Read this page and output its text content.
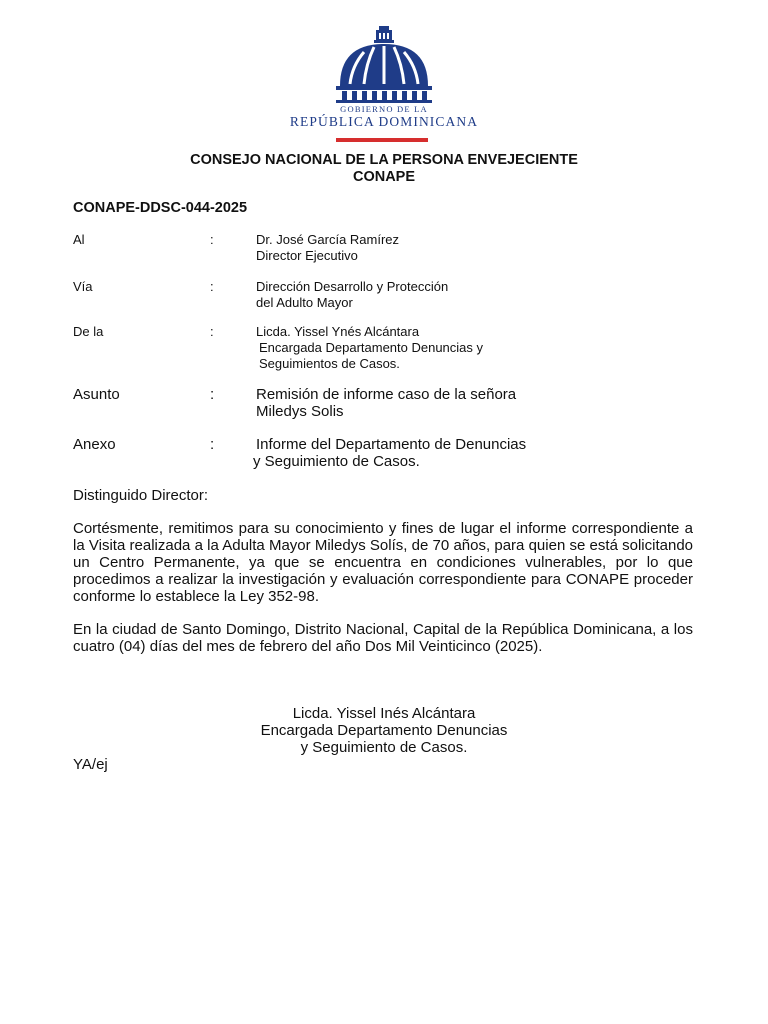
GOBIERNO DE LA
REPÚBLICA DOMINICANA
CONSEJO NACIONAL DE LA PERSONA ENVEJECIENTE
CONAPE
CONAPE-DDSC-044-2025
Al	:	Dr. José García Ramírez
Director Ejecutivo
Vía	:	Dirección Desarrollo y Protección
del Adulto Mayor
De la	:	Licda. Yissel Ynés Alcántara
Encargada Departamento Denuncias y
Seguimientos de Casos.
Asunto	:	Remisión de informe caso de la señora
Miledys Solis
Anexo	:	Informe del Departamento de Denuncias
y Seguimiento de Casos.
Distinguido Director:
Cortésmente, remitimos para su conocimiento y fines de lugar el informe correspondiente a la Visita realizada a la Adulta Mayor Miledys Solís, de 70 años, para quien se está solicitando un Centro Permanente, ya que se encuentra en condiciones vulnerables, por lo que procedimos a realizar la investigación y evaluación correspondiente para CONAPE proceder conforme lo establece la Ley 352-98.
En la ciudad de Santo Domingo, Distrito Nacional, Capital de la República Dominicana, a los cuatro (04) días del mes de febrero del año Dos Mil Veinticinco (2025).
Licda. Yissel Inés Alcántara
Encargada Departamento Denuncias
y Seguimiento de Casos.
YA/ej
